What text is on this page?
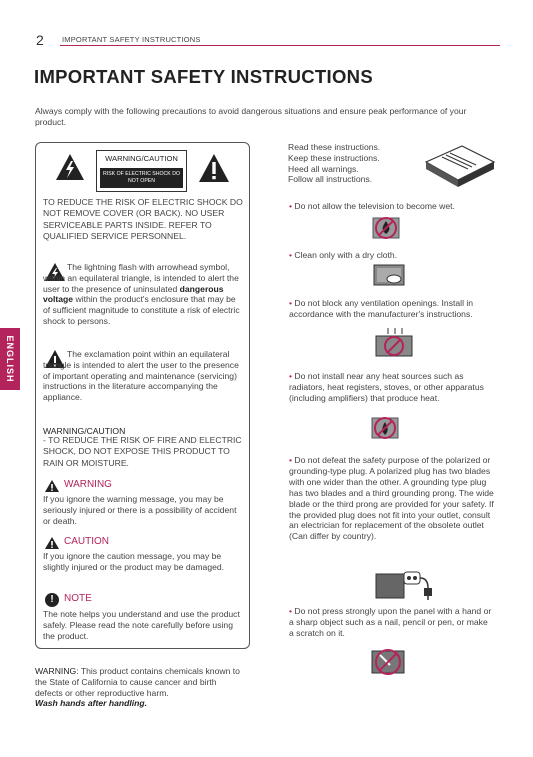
2 IMPORTANT SAFETY INSTRUCTIONS
IMPORTANT SAFETY INSTRUCTIONS
Always comply with the following precautions to avoid dangerous situations and ensure peak performance of your product.
ENGLISH
WARNING/CAUTION
RISK OF ELECTRIC SHOCK DO NOT OPEN
TO REDUCE THE RISK OF ELECTRIC SHOCK DO NOT REMOVE COVER (OR BACK). NO USER SERVICEABLE PARTS INSIDE. REFER TO QUALIFIED SERVICE PERSONNEL.
The lightning flash with arrowhead symbol, within an equilateral triangle, is intended to alert the user to the presence of uninsulated dangerous voltage within the product's enclosure that may be of sufficient magnitude to constitute a risk of electric shock to persons.
The exclamation point within an equilateral triangle is intended to alert the user to the presence of important operating and maintenance (servicing) instructions in the literature accompanying the appliance.
WARNING/CAUTION
- TO REDUCE THE RISK OF FIRE AND ELECTRIC SHOCK, DO NOT EXPOSE THIS PRODUCT TO RAIN OR MOISTURE.
WARNING
If you ignore the warning message, you may be seriously injured or there is a possibility of accident or death.
CAUTION
If you ignore the caution message, you may be slightly injured or the product may be damaged.
!	NOTE
The note helps you understand and use the product safely. Please read the note carefully before using the product.
WARNING: This product contains chemicals known to the State of California to cause cancer and birth defects or other reproductive harm.
Wash hands after handling.
Read these instructions.
Keep these instructions.
Heed all warnings.
Follow all instructions.
• Do not allow the television to become wet.
• Clean only with a dry cloth.
• Do not block any ventilation openings. Install in accordance with the manufacturer's instructions.
• Do not install near any heat sources such as radiators, heat registers, stoves, or other apparatus (including amplifiers) that produce heat.
• Do not defeat the safety purpose of the polarized or grounding-type plug. A polarized plug has two blades with one wider than the other. A grounding type plug has two blades and a third grounding prong. The wide blade or the third prong are provided for your safety. If the provided plug does not fit into your outlet, consult an electrician for replacement of the obsolete outlet (Can differ by country).
• Do not press strongly upon the panel with a hand or a sharp object such as a nail, pencil or pen, or make a scratch on it.
